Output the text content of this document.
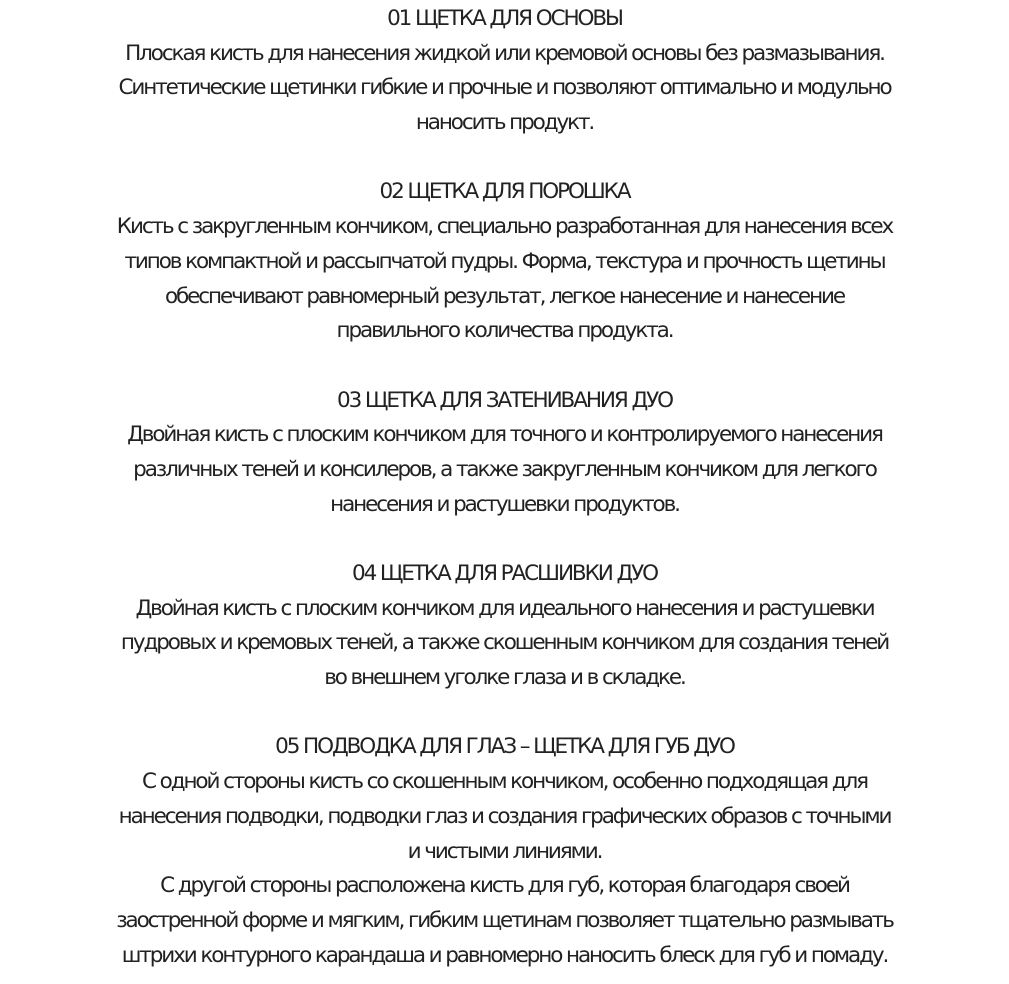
01 ЩЕТКА ДЛЯ ОСНОВЫ
Плоская кисть для нанесения жидкой или кремовой основы без размазывания.
Синтетические щетинки гибкие и прочные и позволяют оптимально и модульно
наносить продукт.
02 ЩЕТКА ДЛЯ ПОРОШКА
Кисть с закругленным кончиком, специально разработанная для нанесения всех
типов компактной и рассыпчатой пудры. Форма, текстура и прочность щетины
обеспечивают равномерный результат, легкое нанесение и нанесение
правильного количества продукта.
03 ЩЕТКА ДЛЯ ЗАТЕНИВАНИЯ ДУО
Двойная кисть с плоским кончиком для точного и контролируемого нанесения
различных теней и консилеров, а также закругленным кончиком для легкого
нанесения и растушевки продуктов.
04 ЩЕТКА ДЛЯ РАСШИВКИ ДУО
Двойная кисть с плоским кончиком для идеального нанесения и растушевки
пудровых и кремовых теней, а также скошенным кончиком для создания теней
во внешнем уголке глаза и в складке.
05 ПОДВОДКА ДЛЯ ГЛАЗ – ЩЕТКА ДЛЯ ГУБ ДУО
С одной стороны кисть со скошенным кончиком, особенно подходящая для
нанесения подводки, подводки глаз и создания графических образов с точными
и чистыми линиями.
С другой стороны расположена кисть для губ, которая благодаря своей
заостренной форме и мягким, гибким щетинам позволяет тщательно размывать
штрихи контурного карандаша и равномерно наносить блеск для губ и помаду.
